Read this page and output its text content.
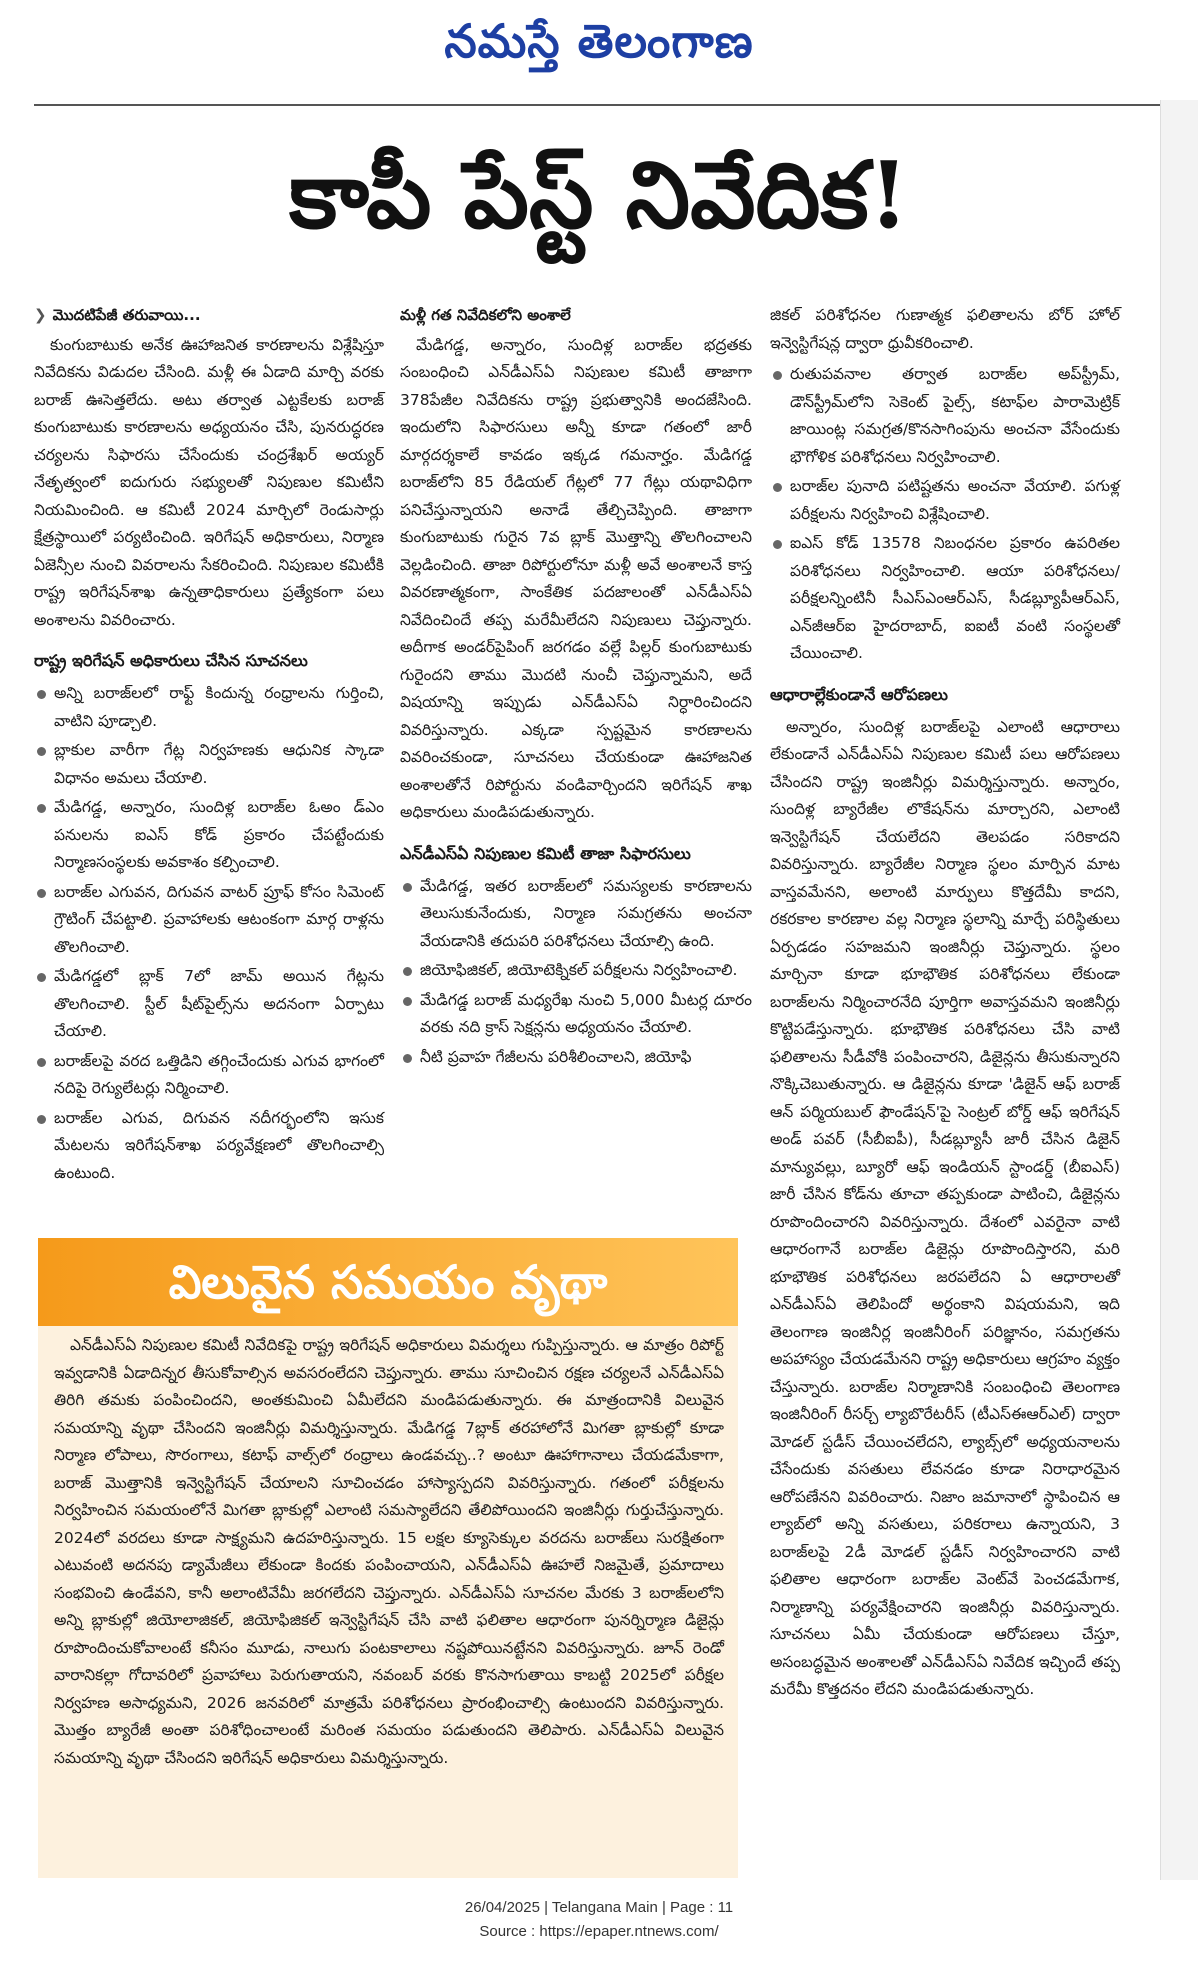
నమస్తే తెలంగాణ
కాపీ పేస్ట్ నివేదిక!
❯ మొదటిపేజీ తరువాయి...

కుంగుబాటుకు అనేక ఊహాజనిత కారణాలను విశ్లేషిస్తూ నివేదికను విడుదల చేసింది. మళ్లీ ఈ ఏడాది మార్చి వరకు బరాజ్ ఊసెత్తలేదు. అటు తర్వాత ఎట్టకేలకు బరాజ్ కుంగుబాటుకు కారణాలను అధ్యయనం చేసి, పునరుద్ధరణ చర్యలను సిఫారసు చేసేందుకు చంద్రశేఖర్ అయ్యర్ నేతృత్వంలో ఐదుగురు సభ్యులతో నిపుణుల కమిటీని నియమించింది. ఆ కమిటీ 2024 మార్చిలో రెండుసార్లు క్షేత్రస్థాయిలో పర్యటించింది. ఇరిగేషన్ అధికారులు, నిర్మాణ ఏజెన్సీల నుంచి వివరాలను సేకరించింది. నిపుణుల కమిటీకి రాష్ట్ర ఇరిగేషన్‌శాఖ ఉన్నతాధికారులు ప్రత్యేకంగా పలు అంశాలను వివరించారు.

రాష్ట్ర ఇరిగేషన్ అధికారులు చేసిన సూచనలు
అన్ని బరాజ్‌లలో రాఫ్ట్ కిందున్న రంధ్రాలను గుర్తించి, వాటిని పూడ్చాలి.
బ్లాకుల వారీగా గేట్ల నిర్వహణకు ఆధునిక స్కాడా విధానం అమలు చేయాలి.
మేడిగడ్డ, అన్నారం, సుందిళ్ల బరాజ్‌ల ఓఅం డ్‌ఎం పనులను ఐఎస్ కోడ్ ప్రకారం చేపట్టేందుకు నిర్మాణసంస్థలకు అవకాశం కల్పించాలి.
బరాజ్‌ల ఎగువన, దిగువన వాటర్ ప్రూఫ్ కోసం సిమెంట్ గ్రౌటింగ్ చేపట్టాలి. ప్రవాహాలకు ఆటంకంగా మార్గ రాళ్లను తొలగించాలి.
మేడిగడ్డలో బ్లాక్ 7లో జామ్ అయిన గేట్లను తొలగించాలి. స్టీల్ షీట్‌పైల్స్‌ను అదనంగా ఏర్పాటు చేయాలి.
బరాజ్‌లపై వరద ఒత్తిడిని తగ్గించేందుకు ఎగువ భాగంలో నదిపై రెగ్యులేటర్లు నిర్మించాలి.
బరాజ్‌ల ఎగువ, దిగువన నదీగర్భంలోని ఇసుక మేటలను ఇరిగేషన్‌శాఖ పర్యవేక్షణలో తొలగించాల్సి ఉంటుంది.
మళ్లీ గత నివేదికలోని అంశాలే

మేడిగడ్డ, అన్నారం, సుందిళ్ల బరాజ్‌ల భద్రతకు సంబంధించి ఎన్‌డీఎస్‌ఏ నిపుణుల కమిటీ తాజాగా 378పేజీల నివేదికను రాష్ట్ర ప్రభుత్వానికి అందజేసింది. ఇందులోని సిఫారసులు అన్నీ కూడా గతంలో జారీ మార్గదర్శకాలే కావడం ఇక్కడ గమనార్హం. మేడిగడ్డ బరాజ్‌లోని 85 రేడియల్ గేట్లలో 77 గేట్లు యథావిధిగా పనిచేస్తున్నాయని అనాడే తేల్చిచెప్పింది. తాజాగా కుంగుబాటుకు గురైన 7వ బ్లాక్ మొత్తాన్ని తొలగించాలని వెల్లడించింది. తాజా రిపోర్టులోనూ మళ్లీ అవే అంశాలనే కాస్త వివరణాత్మకంగా, సాంకేతిక పదజాలంతో ఎన్‌డీఎస్‌ఏ నివేదించిందే తప్ప మరేమీలేదని నిపుణులు చెప్తున్నారు. అదీగాక అండర్‌పైపింగ్ జరగడం వల్లే పిల్లర్ కుంగుబాటుకు గురైందని తాము మొదటి నుంచీ చెప్తున్నామని, అదే విషయాన్ని ఇప్పుడు ఎన్‌డీఎస్‌ఏ నిర్ధారించిందని వివరిస్తున్నారు. ఎక్కడా స్పష్టమైన కారణాలను వివరించకుండా, సూచనలు చేయకుండా ఊహాజనిత అంశాలతోనే రిపోర్టును వండివార్చిందని ఇరిగేషన్ శాఖ అధికారులు మండిపడుతున్నారు.

ఎన్‌డీఎస్‌ఏ నిపుణుల కమిటీ తాజా సిఫారసులు
మేడిగడ్డ, ఇతర బరాజ్‌లలో సమస్యలకు కారణాలను తెలుసుకునేందుకు, నిర్మాణ సమగ్రతను అంచనా వేయడానికి తదుపరి పరిశోధనలు చేయాల్సి ఉంది.
జియోఫిజికల్, జియోటెక్నికల్ పరీక్షలను నిర్వహించాలి.
మేడిగడ్డ బరాజ్ మధ్యరేఖ నుంచి 5,000 మీటర్ల దూరం వరకు నది క్రాస్ సెక్షన్లను అధ్యయనం చేయాలి.
నీటి ప్రవాహ గేజీలను పరిశీలించాలని, జియోఫి

జికల్ పరిశోధనల గుణాత్మక ఫలితాలను బోర్ హోల్ ఇన్వెస్టిగేషన్ల ద్వారా ధ్రువీకరించాలి.

రుతుపవనాల తర్వాత బరాజ్‌ల అప్‌స్ట్రీమ్, డౌన్‌స్ట్రీమ్‌లోని సెకెంట్ పైల్స్, కటాఫ్‌ల పారామెట్రిక్ జాయింట్ల సమగ్రత/కొనసాగింపును అంచనా వేసేందుకు భౌగోళిక పరిశోధనలు నిర్వహించాలి.
బరాజ్‌ల పునాది పటిష్టతను అంచనా వేయాలి. పగుళ్ల పరీక్షలను నిర్వహించి విశ్లేషించాలి.
ఐఎస్ కోడ్ 13578 నిబంధనల ప్రకారం ఉపరితల పరిశోధనలు నిర్వహించాలి. ఆయా పరిశోధనలు/పరీక్షలన్నింటినీ సీఎస్ఎంఆర్ఎస్, సీడబ్ల్యూపీఆర్ఎస్, ఎన్‌జీఆర్ఐ హైదరాబాద్, ఐఐటీ వంటి సంస్థలతో చేయించాలి.
ఆధారాల్లేకుండానే ఆరోపణలు

అన్నారం, సుందిళ్ల బరాజ్‌లపై ఎలాంటి ఆధారాలు లేకుండానే ఎన్‌డీఎస్‌ఏ నిపుణుల కమిటీ పలు ఆరోపణలు చేసిందని రాష్ట్ర ఇంజినీర్లు విమర్శిస్తున్నారు. అన్నారం, సుందిళ్ల బ్యారేజీల లొకేషన్‌ను మార్చారని, ఎలాంటి ఇన్వెస్టిగేషన్ చేయలేదని తెలపడం సరికాదని వివరిస్తున్నారు. బ్యారేజీల నిర్మాణ స్థలం మార్పిన మాట వాస్తవమేనని, అలాంటి మార్పులు కొత్తదేమీ కాదని, రకరకాల కారణాల వల్ల నిర్మాణ స్థలాన్ని మార్చే పరిస్థితులు ఏర్పడడం సహజమని ఇంజినీర్లు చెప్తున్నారు. స్థలం మార్చినా కూడా భూభౌతిక పరిశోధనలు లేకుండా బరాజ్‌లను నిర్మించారనేది పూర్తిగా అవాస్తవమని ఇంజినీర్లు కొట్టిపడేస్తున్నారు. భూభౌతిక పరిశోధనలు చేసి వాటి ఫలితాలను సీడీవోకి పంపించారని, డిజైన్లను తీసుకున్నారని నొక్కిచెబుతున్నారు. ఆ డిజైన్లను కూడా 'డిజైన్ ఆఫ్ బరాజ్ ఆన్ పర్మియబుల్ ఫౌండేషన్'పై సెంట్రల్ బోర్డ్ ఆఫ్ ఇరిగేషన్ అండ్ పవర్ (సీబీఐపీ), సీడబ్ల్యూసీ జారీ చేసిన డిజైన్ మాన్యువల్లు, బ్యూరో ఆఫ్ ఇండియన్ స్టాండర్డ్ (బీఐఎస్) జారీ చేసిన కోడ్‌ను తూచా తప్పకుండా పాటించి, డిజైన్లను రూపొందించారని వివరిస్తున్నారు. దేశంలో ఎవరైనా వాటి ఆధారంగానే బరాజ్‌ల డిజైన్లు రూపొందిస్తారని, మరి భూభౌతిక పరిశోధనలు జరపలేదని ఏ ఆధారాలతో ఎన్‌డీఎస్‌ఏ తెలిపిందో అర్థంకాని విషయమని, ఇది తెలంగాణ ఇంజినీర్ల ఇంజినీరింగ్ పరిజ్ఞానం, సమగ్రతను అపహాస్యం చేయడమేనని రాష్ట్ర అధికారులు ఆగ్రహం వ్యక్తం చేస్తున్నారు. బరాజ్‌ల నిర్మాణానికి సంబంధించి తెలంగాణ ఇంజినీరింగ్ రీసర్చ్ ల్యాబొరేటరీస్ (టీఎస్ఈఆర్ఎల్) ద్వారా మోడల్ స్టడీస్ చేయించలేదని, ల్యాబ్స్‌లో అధ్యయనాలను చేసేందుకు వసతులు లేవనడం కూడా నిరాధారమైన ఆరోపణేనని వివరించారు. నిజాం జమానాలో స్థాపించిన ఆ ల్యాబ్‌లో అన్ని వసతులు, పరికరాలు ఉన్నాయని, 3 బరాజ్‌లపై 2డీ మోడల్ స్టడీస్ నిర్వహించారని వాటి ఫలితాల ఆధారంగా బరాజ్‌ల వెంట్‌వే పెంచడమేగాక, నిర్మాణాన్ని పర్యవేక్షించారని ఇంజినీర్లు వివరిస్తున్నారు. సూచనలు ఏమీ చేయకుండా ఆరోపణలు చేస్తూ, అసంబద్ధమైన అంశాలతో ఎన్‌డీఎస్‌ఏ నివేదిక ఇచ్చిందే తప్ప మరేమీ కొత్తదనం లేదని మండిపడుతున్నారు.

విలువైన సమయం వృథా

ఎన్‌డీఎస్‌ఏ నిపుణుల కమిటీ నివేదికపై రాష్ట్ర ఇరిగేషన్ అధికారులు విమర్శలు గుప్పిస్తున్నారు. ఆ మాత్రం రిపోర్ట్ ఇవ్వడానికి ఏడాదిన్నర తీసుకోవాల్సిన అవసరంలేదని చెప్తున్నారు. తాము సూచించిన రక్షణ చర్యలనే ఎన్‌డీఎస్‌ఏ తిరిగి తమకు పంపించిందని, అంతకుమించి ఏమీలేదని మండిపడుతున్నారు. ఈ మాత్రందానికి విలువైన సమయాన్ని వృథా చేసిందని ఇంజినీర్లు విమర్శిస్తున్నారు. మేడిగడ్డ 7బ్లాక్ తరహాలోనే మిగతా బ్లాకుల్లో కూడా నిర్మాణ లోపాలు, సొరంగాలు, కటాఫ్ వాల్స్‌లో రంధ్రాలు ఉండవచ్చు..? అంటూ ఊహాగానాలు చేయడమేకాగా, బరాజ్ మొత్తానికి ఇన్వెస్టిగేషన్ చేయాలని సూచించడం హాస్యాస్పదని వివరిస్తున్నారు. గతంలో పరీక్షలను నిర్వహించిన సమయంలోనే మిగతా బ్లాకుల్లో ఎలాంటి సమస్యాలేదని తేలిపోయిందని ఇంజినీర్లు గుర్తుచేస్తున్నారు. 2024లో వరదలు కూడా సాక్ష్యమని ఉదహరిస్తున్నారు. 15 లక్షల క్యూసెక్కుల వరదను బరాజ్‌లు సురక్షితంగా ఎటువంటి అదనపు డ్యామేజీలు లేకుండా కిందకు పంపించాయని, ఎన్‌డీఎస్‌ఏ ఊహలే నిజమైతే, ప్రమాదాలు సంభవించి ఉండేవని, కానీ అలాంటివేమీ జరగలేదని చెప్తున్నారు. ఎన్‌డీఎస్‌ఏ సూచనల మేరకు 3 బరాజ్‌లలోని అన్ని బ్లాకుల్లో జియోలాజికల్, జియోఫిజికల్ ఇన్వెస్టిగేషన్ చేసి వాటి ఫలితాల ఆధారంగా పునర్నిర్మాణ డిజైన్లు రూపొందించుకోవాలంటే కనీసం మూడు, నాలుగు పంటకాలాలు నష్టపోయినట్టేనని వివరిస్తున్నారు. జూన్ రెండో వారానికల్లా గోదావరిలో ప్రవాహాలు పెరుగుతాయని, నవంబర్ వరకు కొనసాగుతాయి కాబట్టి 2025లో పరీక్షల నిర్వహణ అసాధ్యమని, 2026 జనవరిలో మాత్రమే పరిశోధనలు ప్రారంభించాల్సి ఉంటుందని వివరిస్తున్నారు. మొత్తం బ్యారేజీ అంతా పరిశోధించాలంటే మరింత సమయం పడుతుందని తెలిపారు. ఎన్‌డీఎస్‌ఏ విలువైన సమయాన్ని వృథా చేసిందని ఇరిగేషన్ అధికారులు విమర్శిస్తున్నారు.

26/04/2025 | Telangana Main | Page : 11
Source : https://epaper.ntnews.com/
